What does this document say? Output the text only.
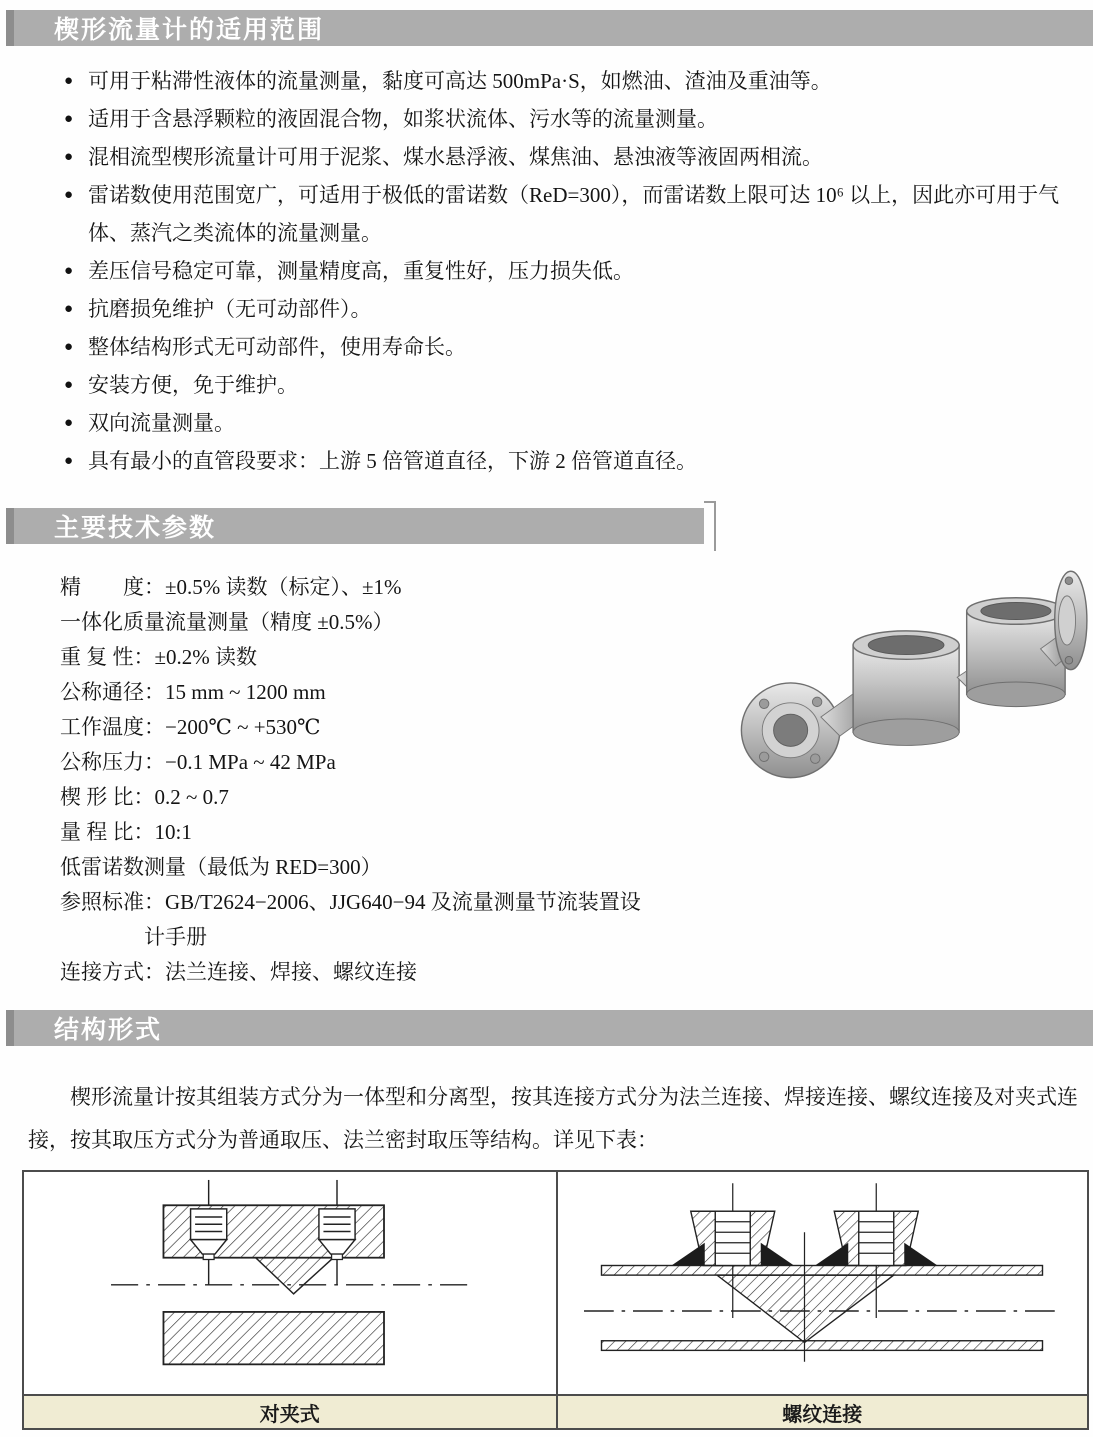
楔形流量计的适用范围
● 可用于粘滞性液体的流量测量，黏度可高达 500mPa·S，如燃油、渣油及重油等。
● 适用于含悬浮颗粒的液固混合物，如浆状流体、污水等的流量测量。
● 混相流型楔形流量计可用于泥浆、煤水悬浮液、煤焦油、悬浊液等液固两相流。
● 雷诺数使用范围宽广，可适用于极低的雷诺数（ReD=300），而雷诺数上限可达 10⁶ 以上，因此亦可用于气体、蒸汽之类流体的流量测量。
● 差压信号稳定可靠，测量精度高，重复性好，压力损失低。
● 抗磨损免维护（无可动部件）。
● 整体结构形式无可动部件，使用寿命长。
● 安装方便，免于维护。
● 双向流量测量。
● 具有最小的直管段要求：上游 5 倍管道直径，下游 2 倍管道直径。
主要技术参数
精　　度：±0.5% 读数（标定）、±1%
一体化质量流量测量（精度 ±0.5%）
重 复 性：±0.2% 读数
公称通径：15 mm ~ 1200 mm
工作温度：−200℃ ~ +530℃
公称压力：−0.1 MPa ~ 42 MPa
楔 形 比：0.2 ~ 0.7
量 程 比：10:1
低雷诺数测量（最低为 RED=300）
参照标准：GB/T2624−2006、JJG640−94 及流量测量节流装置设
计手册
连接方式：法兰连接、焊接、螺纹连接
结构形式
楔形流量计按其组装方式分为一体型和分离型，按其连接方式分为法兰连接、焊接连接、螺纹连接及对夹式连接，按其取压方式分为普通取压、法兰密封取压等结构。详见下表：
对夹式	螺纹连接
